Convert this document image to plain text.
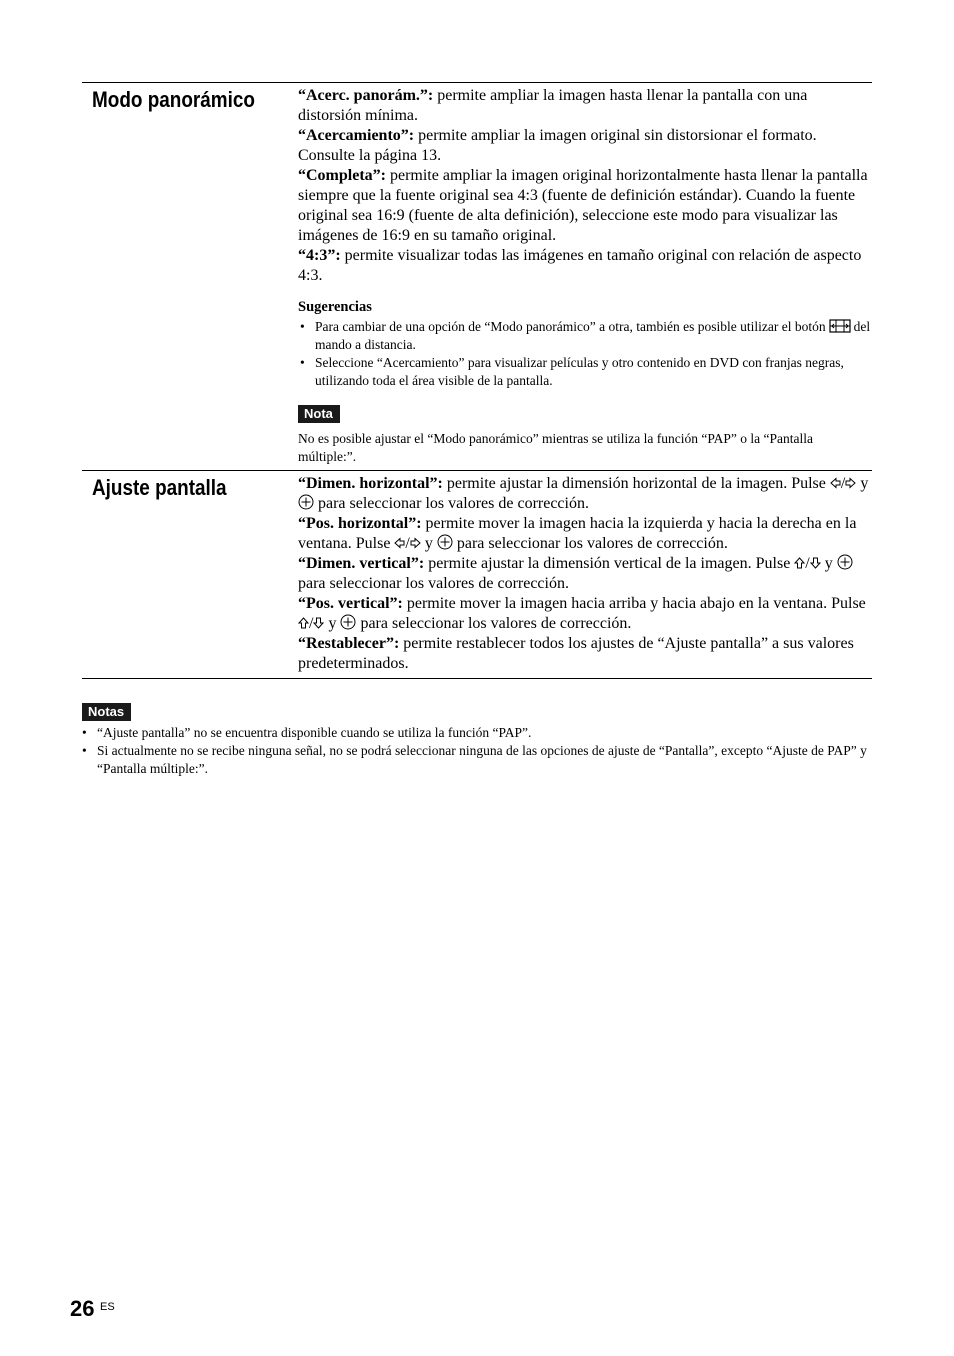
Modo panorámico	“Acerc. panorám.”: permite ampliar la imagen hasta llenar la pantalla con una distorsión mínima.

“Acercamiento”: permite ampliar la imagen original sin distorsionar el formato. Consulte la página 13.

“Completa”: permite ampliar la imagen original horizontalmente hasta llenar la pantalla siempre que la fuente original sea 4:3 (fuente de definición estándar). Cuando la fuente original sea 16:9 (fuente de alta definición), seleccione este modo para visualizar las imágenes de 16:9 en su tamaño original.

“4:3”: permite visualizar todas las imágenes en tamaño original con relación de aspecto 4:3.

Sugerencias
• Para cambiar de una opción de “Modo panorámico” a otra, también es posible utilizar el botón del mando a distancia.
• Seleccione “Acercamiento” para visualizar películas y otro contenido en DVD con franjas negras, utilizando toda el área visible de la pantalla.
Nota

No es posible ajustar el “Modo panorámico” mientras se utiliza la función “PAP” o la “Pantalla múltiple:”.

Ajuste pantalla	“Dimen. horizontal”: permite ajustar la dimensión horizontal de la imagen. Pulse / y  para seleccionar los valores de corrección.

“Pos. horizontal”: permite mover la imagen hacia la izquierda y hacia la derecha en la ventana. Pulse / y  para seleccionar los valores de corrección.

“Dimen. vertical”: permite ajustar la dimensión vertical de la imagen. Pulse / y  para seleccionar los valores de corrección.

“Pos. vertical”: permite mover la imagen hacia arriba y hacia abajo en la ventana. Pulse / y  para seleccionar los valores de corrección.

“Restablecer”: permite restablecer todos los ajustes de “Ajuste pantalla” a sus valores predeterminados.

Notas
• “Ajuste pantalla” no se encuentra disponible cuando se utiliza la función “PAP”.
• Si actualmente no se recibe ninguna señal, no se podrá seleccionar ninguna de las opciones de ajuste de “Pantalla”, excepto “Ajuste de PAP” y “Pantalla múltiple:”.
26 ES
